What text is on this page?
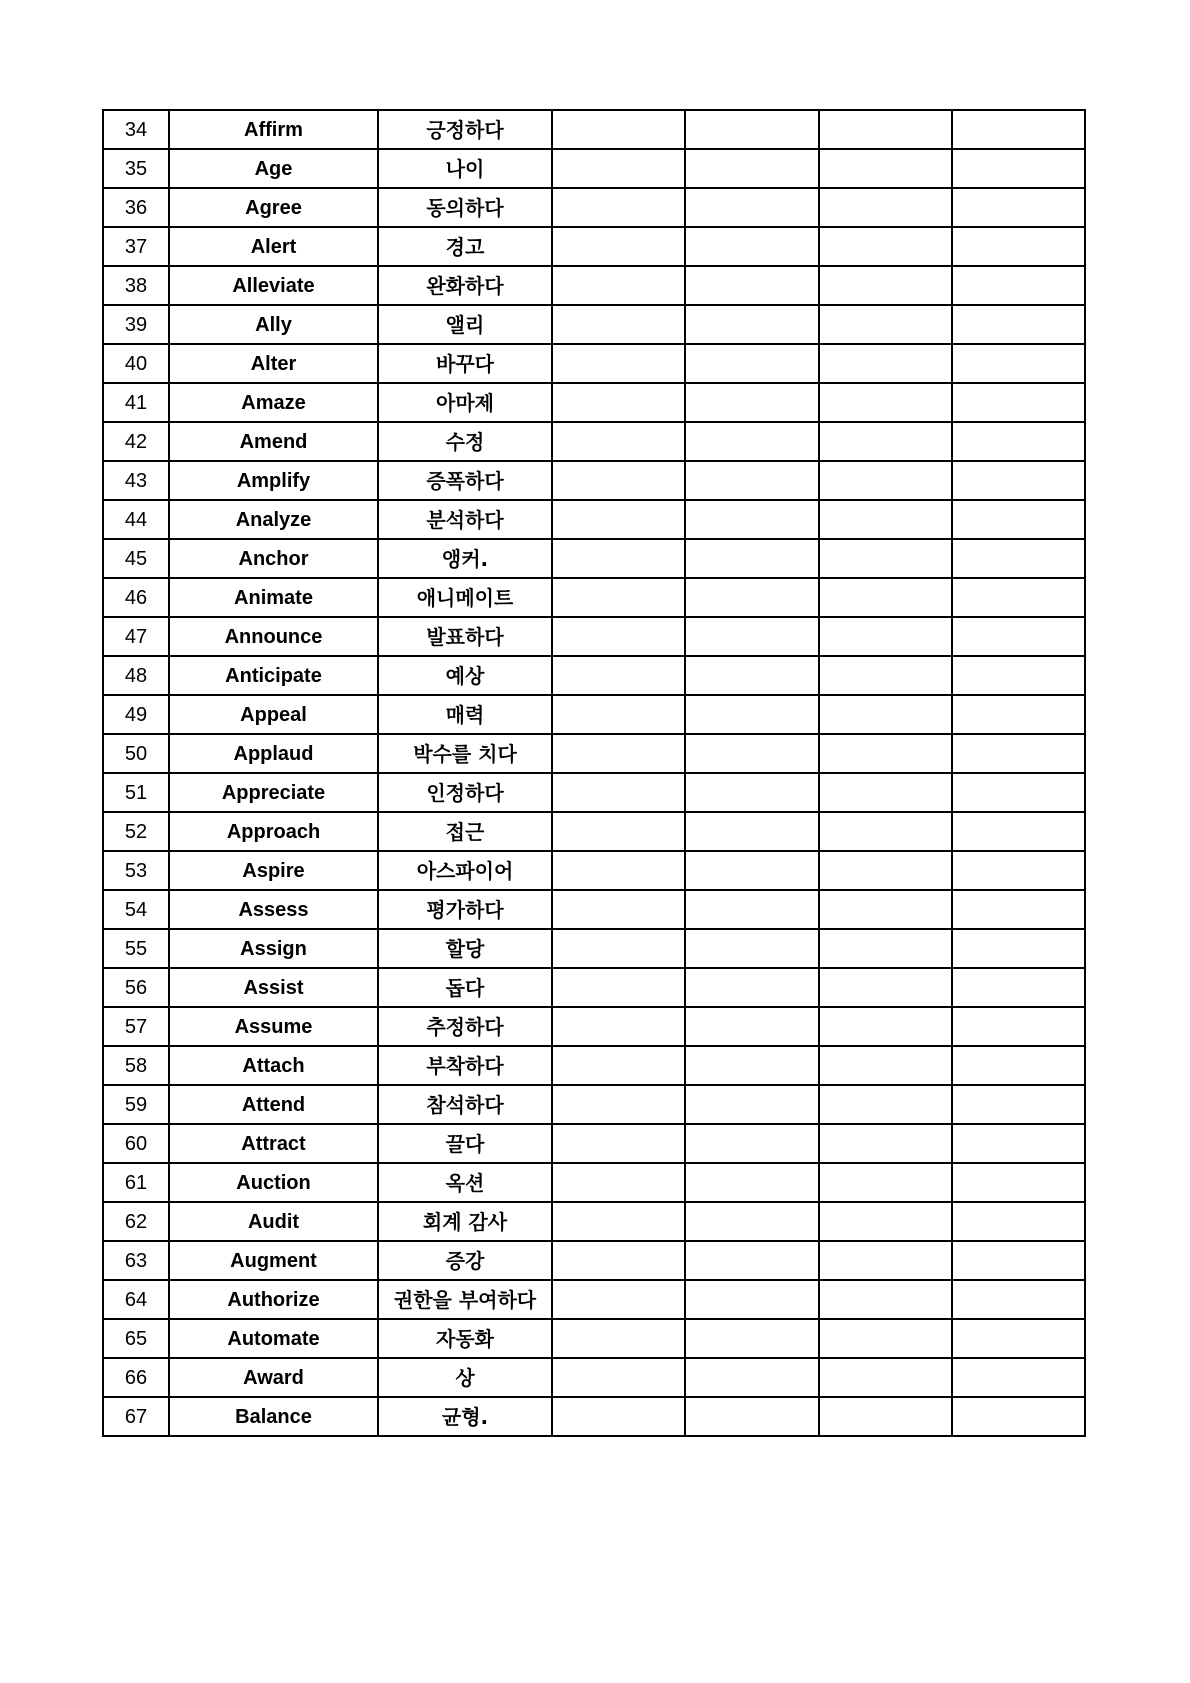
34	Affirm	긍정하다				
35	Age	나이				
36	Agree	동의하다				
37	Alert	경고				
38	Alleviate	완화하다				
39	Ally	앨리				
40	Alter	바꾸다				
41	Amaze	아마제				
42	Amend	수정				
43	Amplify	증폭하다				
44	Analyze	분석하다				
45	Anchor	앵커.				
46	Animate	애니메이트				
47	Announce	발표하다				
48	Anticipate	예상				
49	Appeal	매력				
50	Applaud	박수를 치다				
51	Appreciate	인정하다				
52	Approach	접근				
53	Aspire	아스파이어				
54	Assess	평가하다				
55	Assign	할당				
56	Assist	돕다				
57	Assume	추정하다				
58	Attach	부착하다				
59	Attend	참석하다				
60	Attract	끌다				
61	Auction	옥션				
62	Audit	회계 감사				
63	Augment	증강				
64	Authorize	권한을 부여하다				
65	Automate	자동화				
66	Award	상				
67	Balance	균형.				
